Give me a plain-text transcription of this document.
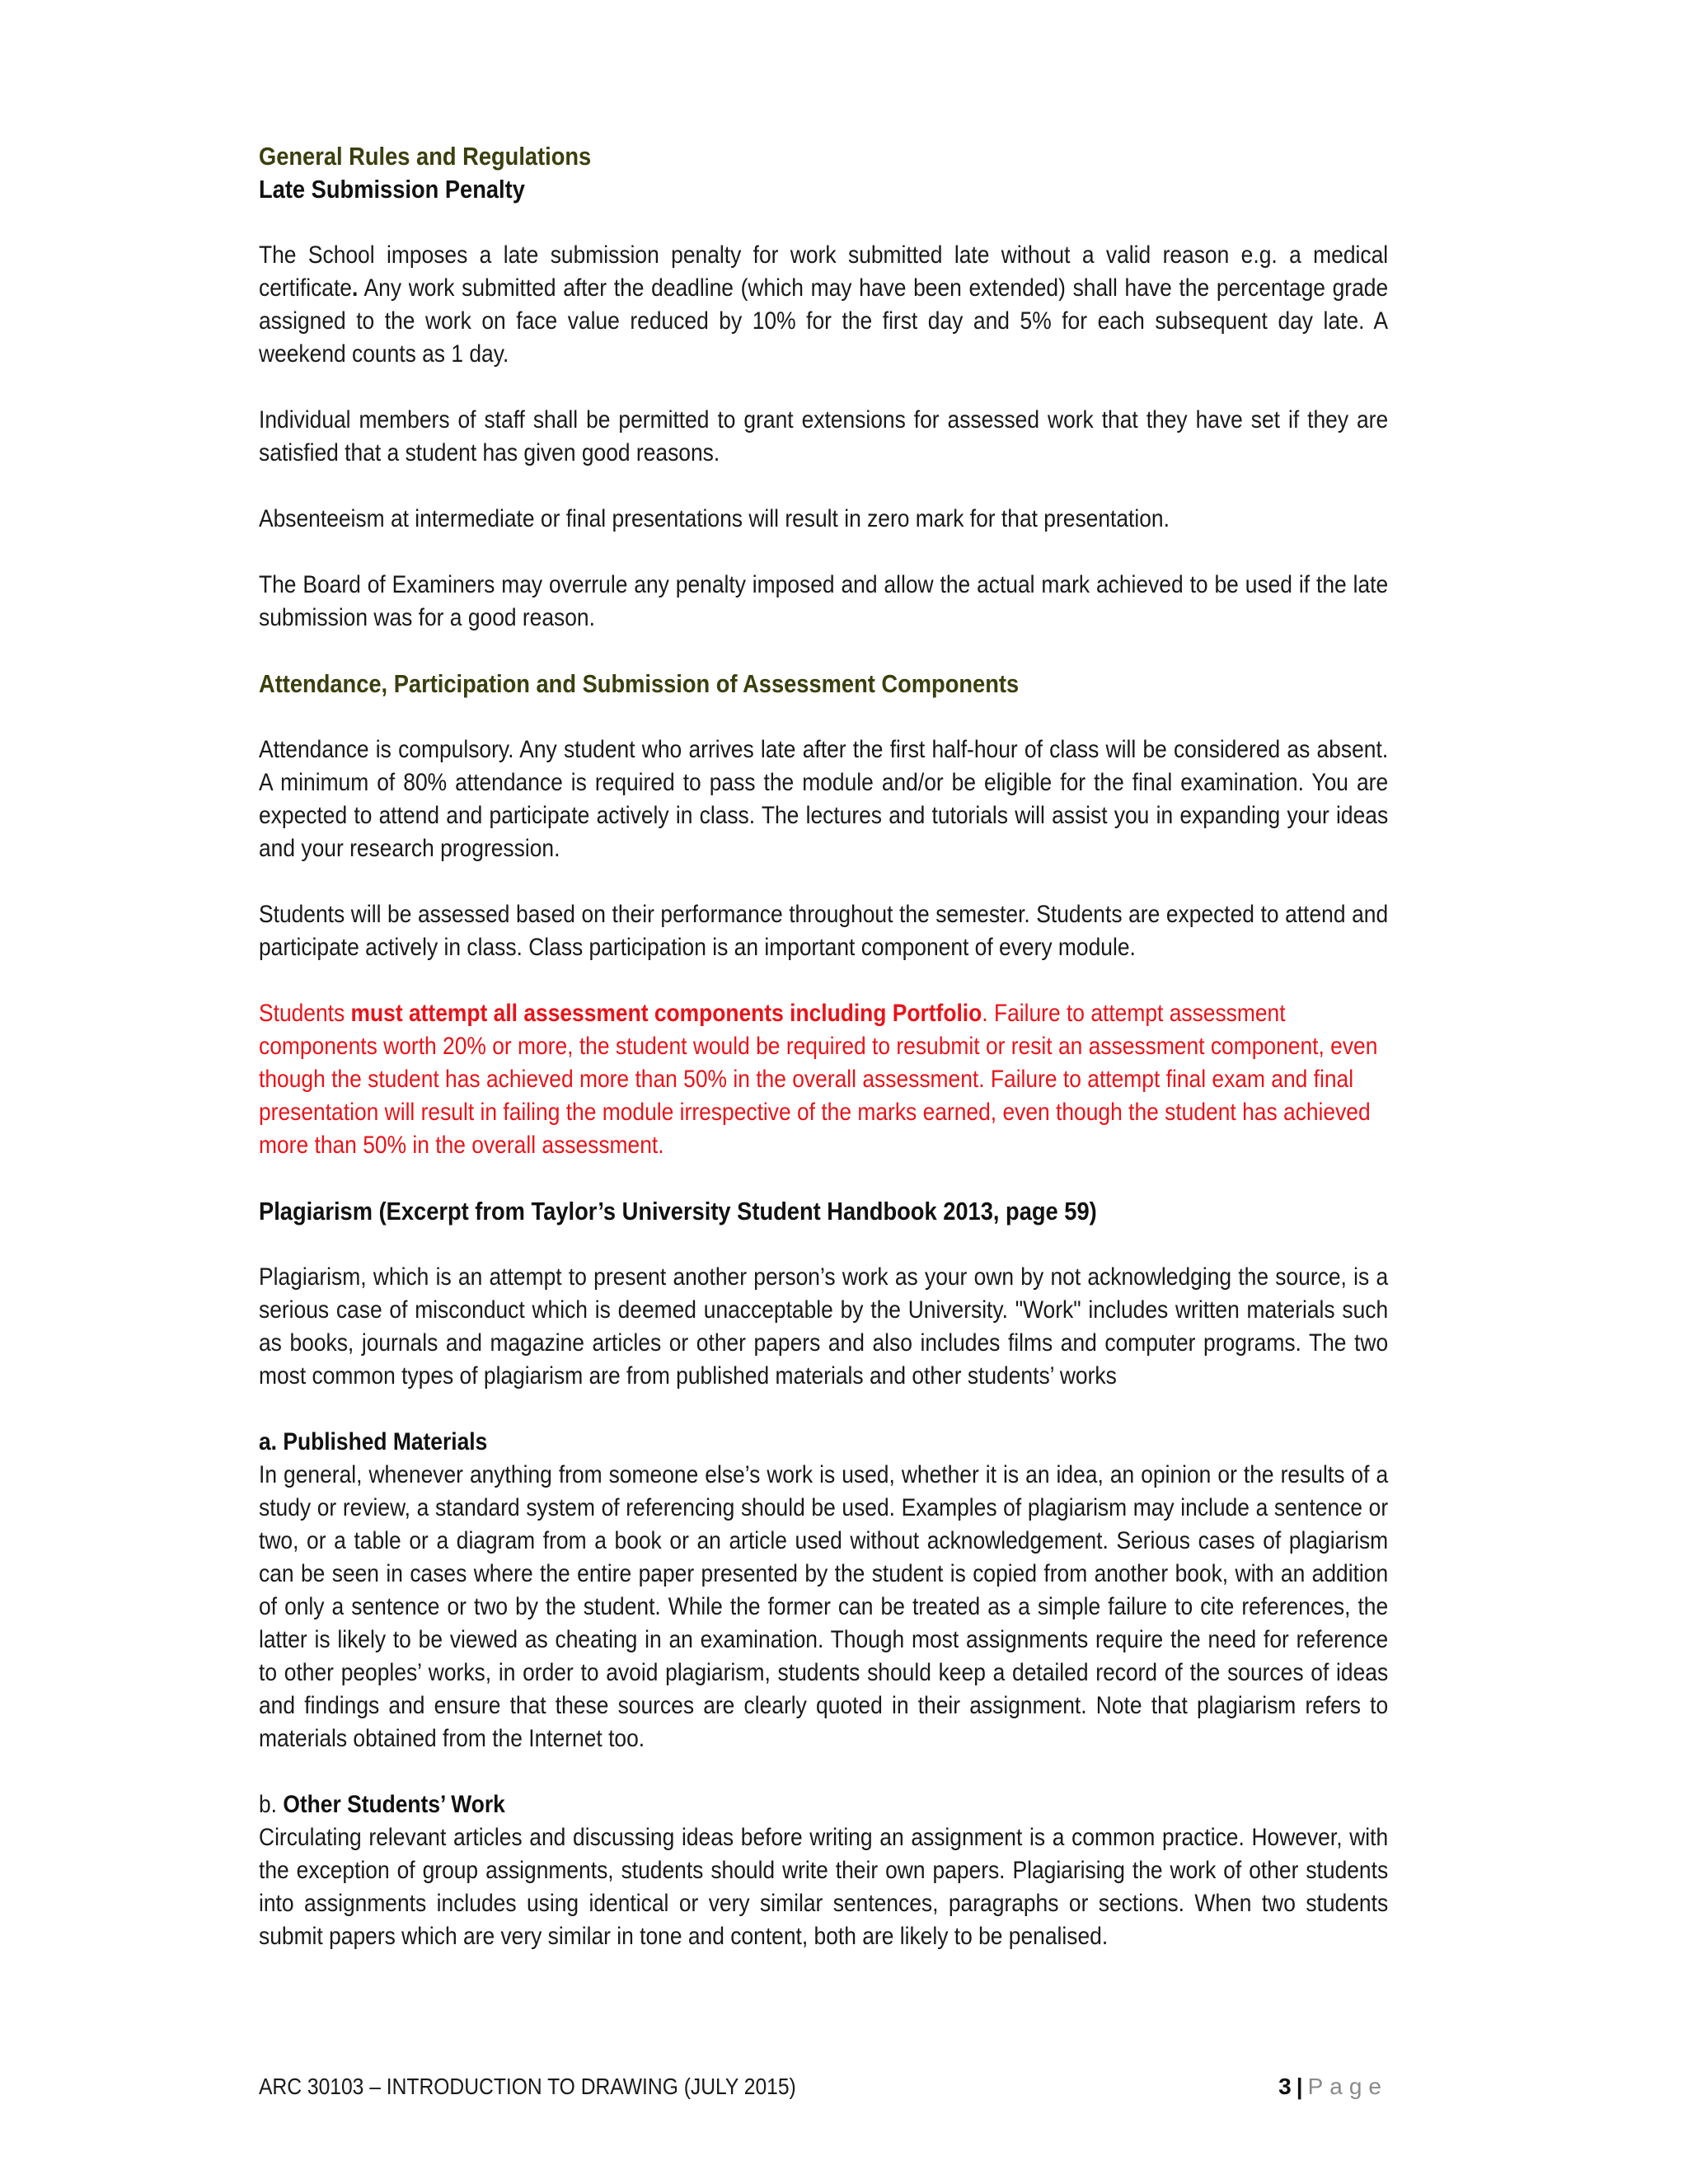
General Rules and Regulations
Late Submission Penalty

The School imposes a late submission penalty for work submitted late without a valid reason e.g. a medical certificate. Any work submitted after the deadline (which may have been extended) shall have the percentage grade assigned to the work on face value reduced by 10% for the first day and 5% for each subsequent day late. A weekend counts as 1 day.

Individual members of staff shall be permitted to grant extensions for assessed work that they have set if they are satisfied that a student has given good reasons.

Absenteeism at intermediate or final presentations will result in zero mark for that presentation.

The Board of Examiners may overrule any penalty imposed and allow the actual mark achieved to be used if the late submission was for a good reason.

Attendance, Participation and Submission of Assessment Components

Attendance is compulsory. Any student who arrives late after the first half-hour of class will be considered as absent. A minimum of 80% attendance is required to pass the module and/or be eligible for the final examination. You are expected to attend and participate actively in class. The lectures and tutorials will assist you in expanding your ideas and your research progression.

Students will be assessed based on their performance throughout the semester. Students are expected to attend and participate actively in class. Class participation is an important component of every module.

Students must attempt all assessment components including Portfolio. Failure to attempt assessment components worth 20% or more, the student would be required to resubmit or resit an assessment component, even though the student has achieved more than 50% in the overall assessment. Failure to attempt final exam and final presentation will result in failing the module irrespective of the marks earned, even though the student has achieved more than 50% in the overall assessment.

Plagiarism (Excerpt from Taylor’s University Student Handbook 2013, page 59)

Plagiarism, which is an attempt to present another person’s work as your own by not acknowledging the source, is a serious case of misconduct which is deemed unacceptable by the University. "Work" includes written materials such as books, journals and magazine articles or other papers and also includes films and computer programs. The two most common types of plagiarism are from published materials and other students’ works

a. Published Materials

In general, whenever anything from someone else’s work is used, whether it is an idea, an opinion or the results of a study or review, a standard system of referencing should be used. Examples of plagiarism may include a sentence or two, or a table or a diagram from a book or an article used without acknowledgement. Serious cases of plagiarism can be seen in cases where the entire paper presented by the student is copied from another book, with an addition of only a sentence or two by the student. While the former can be treated as a simple failure to cite references, the latter is likely to be viewed as cheating in an examination. Though most assignments require the need for reference to other peoples’ works, in order to avoid plagiarism, students should keep a detailed record of the sources of ideas and findings and ensure that these sources are clearly quoted in their assignment. Note that plagiarism refers to materials obtained from the Internet too.

b. Other Students’ Work

Circulating relevant articles and discussing ideas before writing an assignment is a common practice. However, with the exception of group assignments, students should write their own papers. Plagiarising the work of other students into assignments includes using identical or very similar sentences, paragraphs or sections. When two students submit papers which are very similar in tone and content, both are likely to be penalised.

ARC 30103 – INTRODUCTION TO DRAWING (JULY 2015)	3 | Page
